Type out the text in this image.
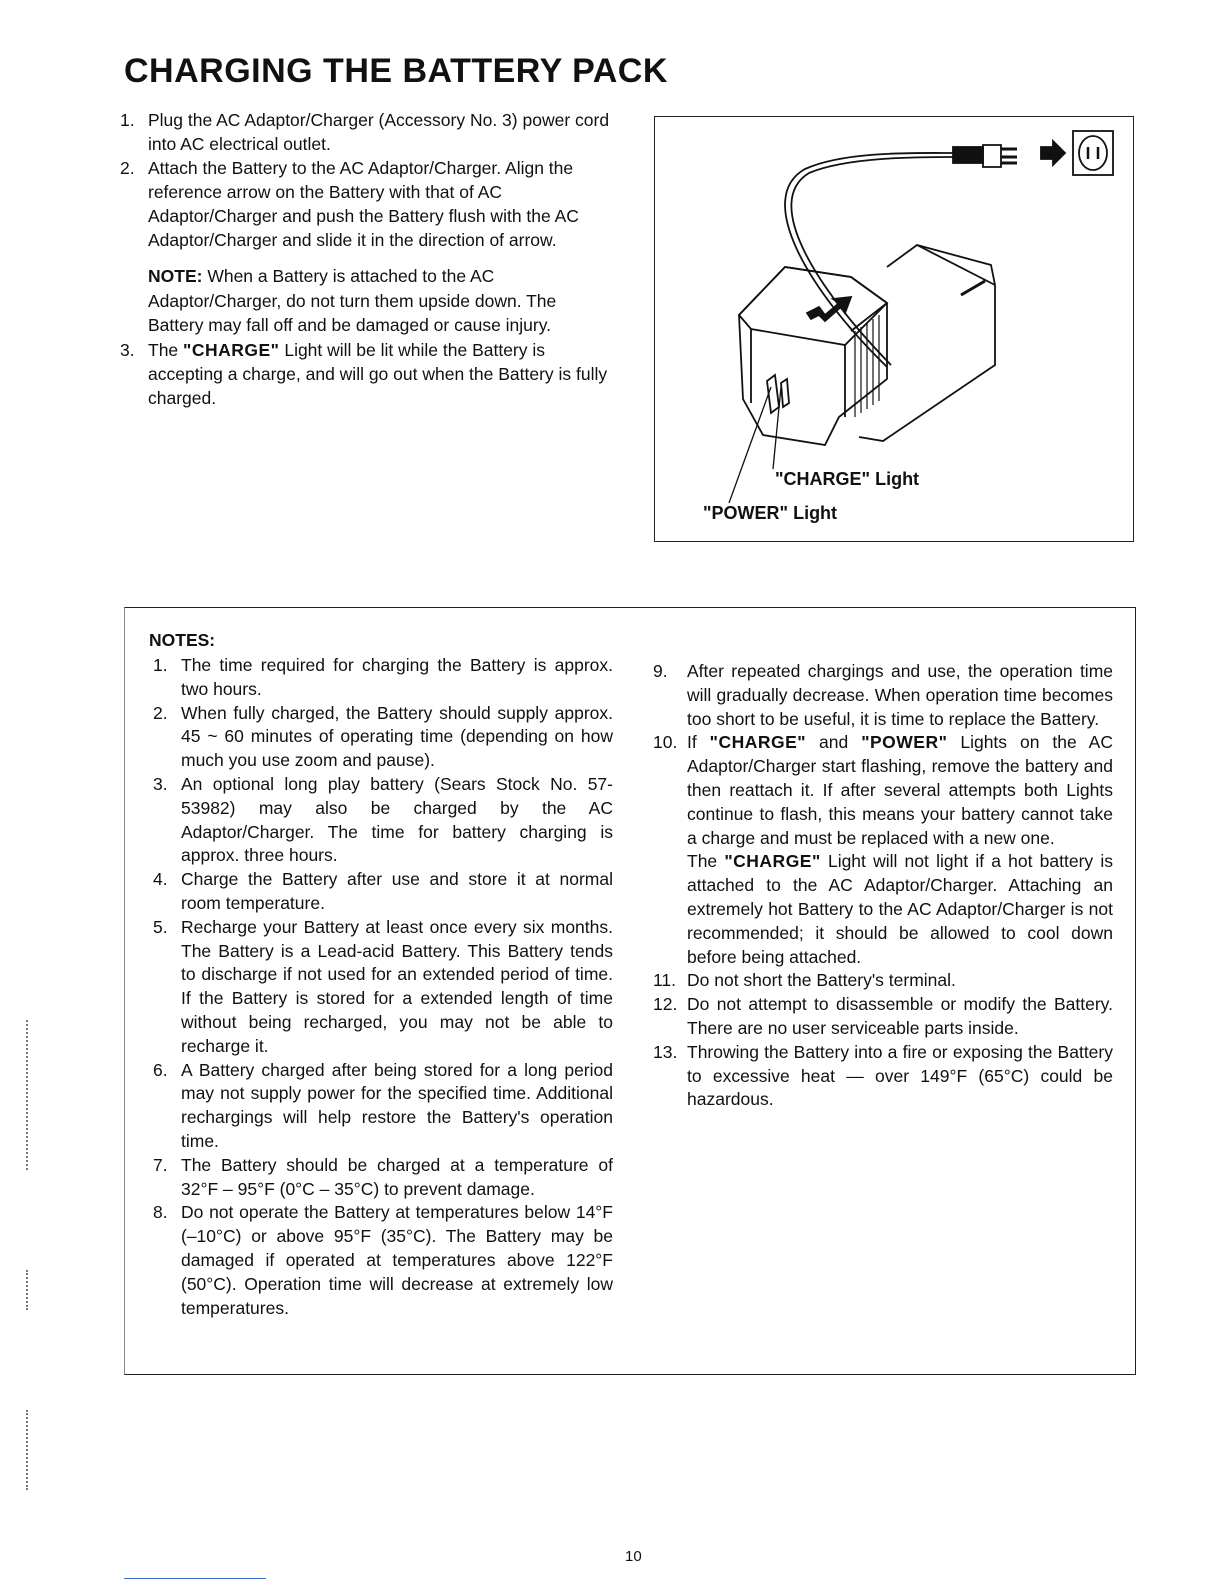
CHARGING THE BATTERY PACK

1. Plug the AC Adaptor/Charger (Accessory No. 3) power cord into AC electrical outlet.

2. Attach the Battery to the AC Adaptor/Charger. Align the reference arrow on the Battery with that of AC Adaptor/Charger and push the Battery flush with the AC Adaptor/Charger and slide it in the direction of arrow.

NOTE: When a Battery is attached to the AC Adaptor/Charger, do not turn them upside down. The Battery may fall off and be damaged or cause injury.

3. The "CHARGE" Light will be lit while the Battery is accepting a charge, and will go out when the Battery is fully charged.

"CHARGE" Light
"POWER" Light

NOTES:

1. The time required for charging the Battery is approx. two hours.

2. When fully charged, the Battery should supply approx. 45 ~ 60 minutes of operating time (depending on how much you use zoom and pause).

3. An optional long play battery (Sears Stock No. 57-53982) may also be charged by the AC Adaptor/Charger. The time for battery charging is approx. three hours.

4. Charge the Battery after use and store it at normal room temperature.

5. Recharge your Battery at least once every six months. The Battery is a Lead-acid Battery. This Battery tends to discharge if not used for an extended period of time. If the Battery is stored for a extended length of time without being recharged, you may not be able to recharge it.

6. A Battery charged after being stored for a long period may not supply power for the specified time. Additional rechargings will help restore the Battery's operation time.

7. The Battery should be charged at a temperature of 32°F – 95°F (0°C – 35°C) to prevent damage.

8. Do not operate the Battery at temperatures below 14°F (–10°C) or above 95°F (35°C). The Battery may be damaged if operated at temperatures above 122°F (50°C). Operation time will decrease at extremely low temperatures.

9. After repeated chargings and use, the operation time will gradually decrease. When operation time becomes too short to be useful, it is time to replace the Battery.

10. If "CHARGE" and "POWER" Lights on the AC Adaptor/Charger start flashing, remove the battery and then reattach it. If after several attempts both Lights continue to flash, this means your battery cannot take a charge and must be replaced with a new one.

The "CHARGE" Light will not light if a hot battery is attached to the AC Adaptor/Charger. Attaching an extremely hot Battery to the AC Adaptor/Charger is not recommended; it should be allowed to cool down before being attached.

11. Do not short the Battery's terminal.

12. Do not attempt to disassemble or modify the Battery. There are no user serviceable parts inside.

13. Throwing the Battery into a fire or exposing the Battery to excessive heat — over 149°F (65°C) could be hazardous.

10
